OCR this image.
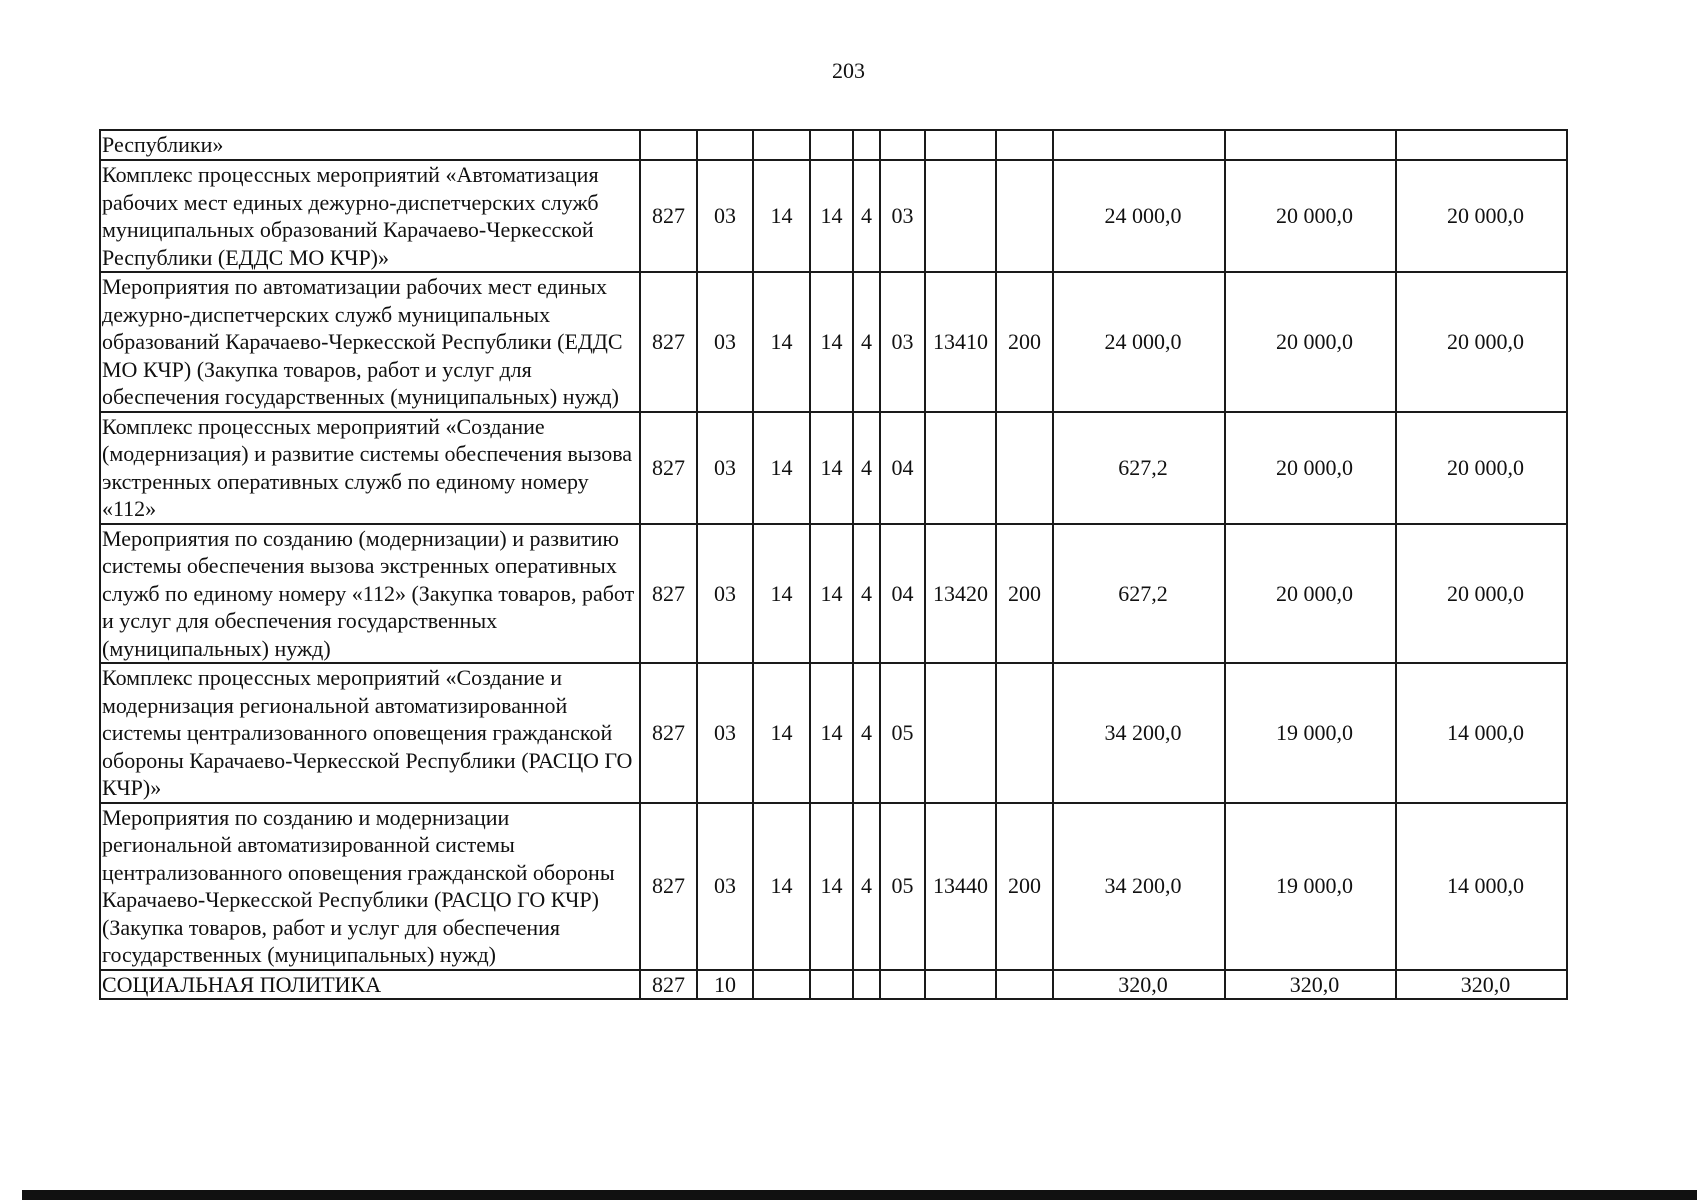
203
Республики»											
Комплекс процессных мероприятий «Автоматизация рабочих мест единых дежурно-диспетчерских служб муниципальных образований Карачаево-Черкесской Республики (ЕДДС МО КЧР)»	827	03	14	14	4	03			24 000,0	20 000,0	20 000,0
Мероприятия по автоматизации рабочих мест единых дежурно-диспетчерских служб муниципальных образований Карачаево-Черкесской Республики (ЕДДС МО КЧР) (Закупка товаров, работ и услуг для обеспечения государственных (муниципальных) нужд)	827	03	14	14	4	03	13410	200	24 000,0	20 000,0	20 000,0
Комплекс процессных мероприятий «Создание (модернизация) и развитие системы обеспечения вызова экстренных оперативных служб по единому номеру «112»	827	03	14	14	4	04			627,2	20 000,0	20 000,0
Мероприятия по созданию (модернизации) и развитию системы обеспечения вызова экстренных оперативных служб по единому номеру «112» (Закупка товаров, работ и услуг для обеспечения государственных (муниципальных) нужд)	827	03	14	14	4	04	13420	200	627,2	20 000,0	20 000,0
Комплекс процессных мероприятий «Создание и модернизация региональной автоматизированной системы централизованного оповещения гражданской обороны Карачаево-Черкесской Республики (РАСЦО ГО КЧР)»	827	03	14	14	4	05			34 200,0	19 000,0	14 000,0
Мероприятия по созданию и модернизации региональной автоматизированной системы централизованного оповещения гражданской обороны Карачаево-Черкесской Республики (РАСЦО ГО КЧР) (Закупка товаров, работ и услуг для обеспечения государственных (муниципальных) нужд)	827	03	14	14	4	05	13440	200	34 200,0	19 000,0	14 000,0
СОЦИАЛЬНАЯ ПОЛИТИКА	827	10							320,0	320,0	320,0
